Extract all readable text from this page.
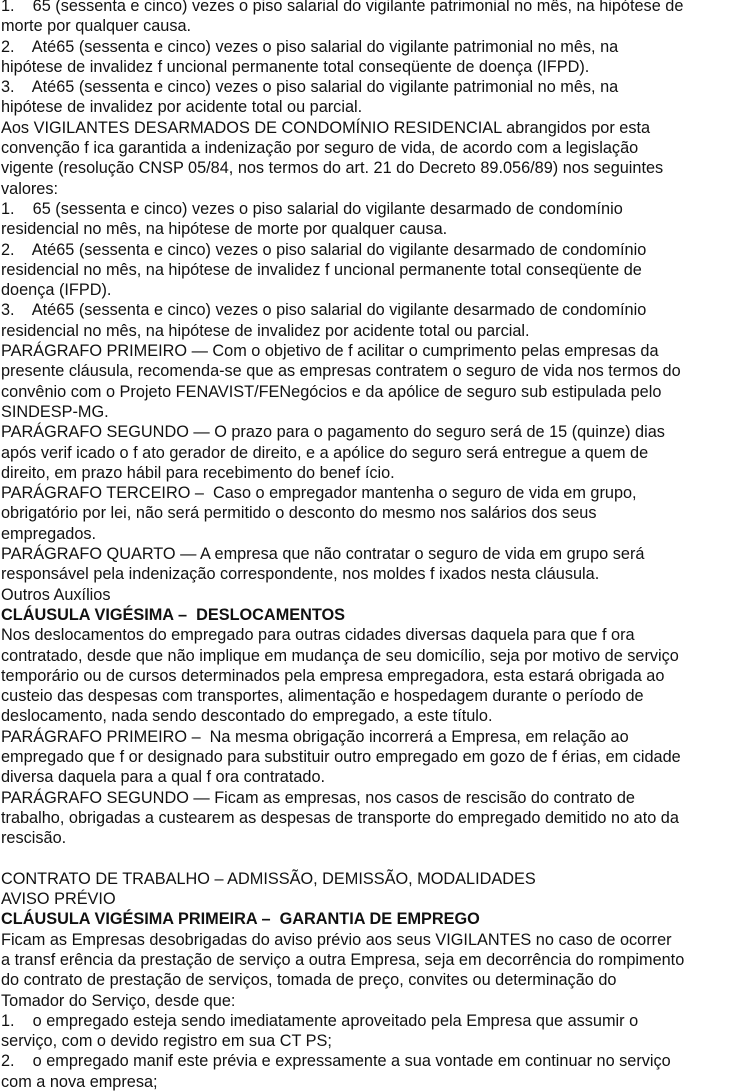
1.    65 (sessenta e cinco) vezes o piso salarial do vigilante patrimonial no mês, na hipótese de
morte por qualquer causa.
2.    Até65 (sessenta e cinco) vezes o piso salarial do vigilante patrimonial no mês, na
hipótese de invalidez f uncional permanente total conseqüente de doença (IFPD).
3.    Até65 (sessenta e cinco) vezes o piso salarial do vigilante patrimonial no mês, na
hipótese de invalidez por acidente total ou parcial.
Aos VIGILANTES DESARMADOS DE CONDOMÍNIO RESIDENCIAL abrangidos por esta
convenção f ica garantida a indenização por seguro de vida, de acordo com a legislação
vigente (resolução CNSP 05/84, nos termos do art. 21 do Decreto 89.056/89) nos seguintes
valores:
1.    65 (sessenta e cinco) vezes o piso salarial do vigilante desarmado de condomínio
residencial no mês, na hipótese de morte por qualquer causa.
2.    Até65 (sessenta e cinco) vezes o piso salarial do vigilante desarmado de condomínio
residencial no mês, na hipótese de invalidez f uncional permanente total conseqüente de
doença (IFPD).
3.    Até65 (sessenta e cinco) vezes o piso salarial do vigilante desarmado de condomínio
residencial no mês, na hipótese de invalidez por acidente total ou parcial.
PARÁGRAFO PRIMEIRO — Com o objetivo de f acilitar o cumprimento pelas empresas da
presente cláusula, recomenda-se que as empresas contratem o seguro de vida nos termos do
convênio com o Projeto FENAVIST/FENegócios e da apólice de seguro sub estipulada pelo
SINDESP-MG.
PARÁGRAFO SEGUNDO — O prazo para o pagamento do seguro será de 15 (quinze) dias
após verif icado o f ato gerador de direito, e a apólice do seguro será entregue a quem de
direito, em prazo hábil para recebimento do benef ício.
PARÁGRAFO TERCEIRO –  Caso o empregador mantenha o seguro de vida em grupo,
obrigatório por lei, não será permitido o desconto do mesmo nos salários dos seus
empregados.
PARÁGRAFO QUARTO — A empresa que não contratar o seguro de vida em grupo será
responsável pela indenização correspondente, nos moldes f ixados nesta cláusula.
Outros Auxílios
CLÁUSULA VIGÉSIMA –  DESLOCAMENTOS
Nos deslocamentos do empregado para outras cidades diversas daquela para que f ora
contratado, desde que não implique em mudança de seu domicílio, seja por motivo de serviço
temporário ou de cursos determinados pela empresa empregadora, esta estará obrigada ao
custeio das despesas com transportes, alimentação e hospedagem durante o período de
deslocamento, nada sendo descontado do empregado, a este título.
PARÁGRAFO PRIMEIRO –  Na mesma obrigação incorrerá a Empresa, em relação ao
empregado que f or designado para substituir outro empregado em gozo de f érias, em cidade
diversa daquela para a qual f ora contratado.
PARÁGRAFO SEGUNDO — Ficam as empresas, nos casos de rescisão do contrato de
trabalho, obrigadas a custearem as despesas de transporte do empregado demitido no ato da
rescisão.
CONTRATO DE TRABALHO – ADMISSÃO, DEMISSÃO, MODALIDADES
AVISO PRÉVIO
CLÁUSULA VIGÉSIMA PRIMEIRA –  GARANTIA DE EMPREGO
Ficam as Empresas desobrigadas do aviso prévio aos seus VIGILANTES no caso de ocorrer
a transf erência da prestação de serviço a outra Empresa, seja em decorrência do rompimento
do contrato de prestação de serviços, tomada de preço, convites ou determinação do
Tomador do Serviço, desde que:
1.    o empregado esteja sendo imediatamente aproveitado pela Empresa que assumir o
serviço, com o devido registro em sua CT PS;
2.    o empregado manif este prévia e expressamente a sua vontade em continuar no serviço
com a nova empresa;
